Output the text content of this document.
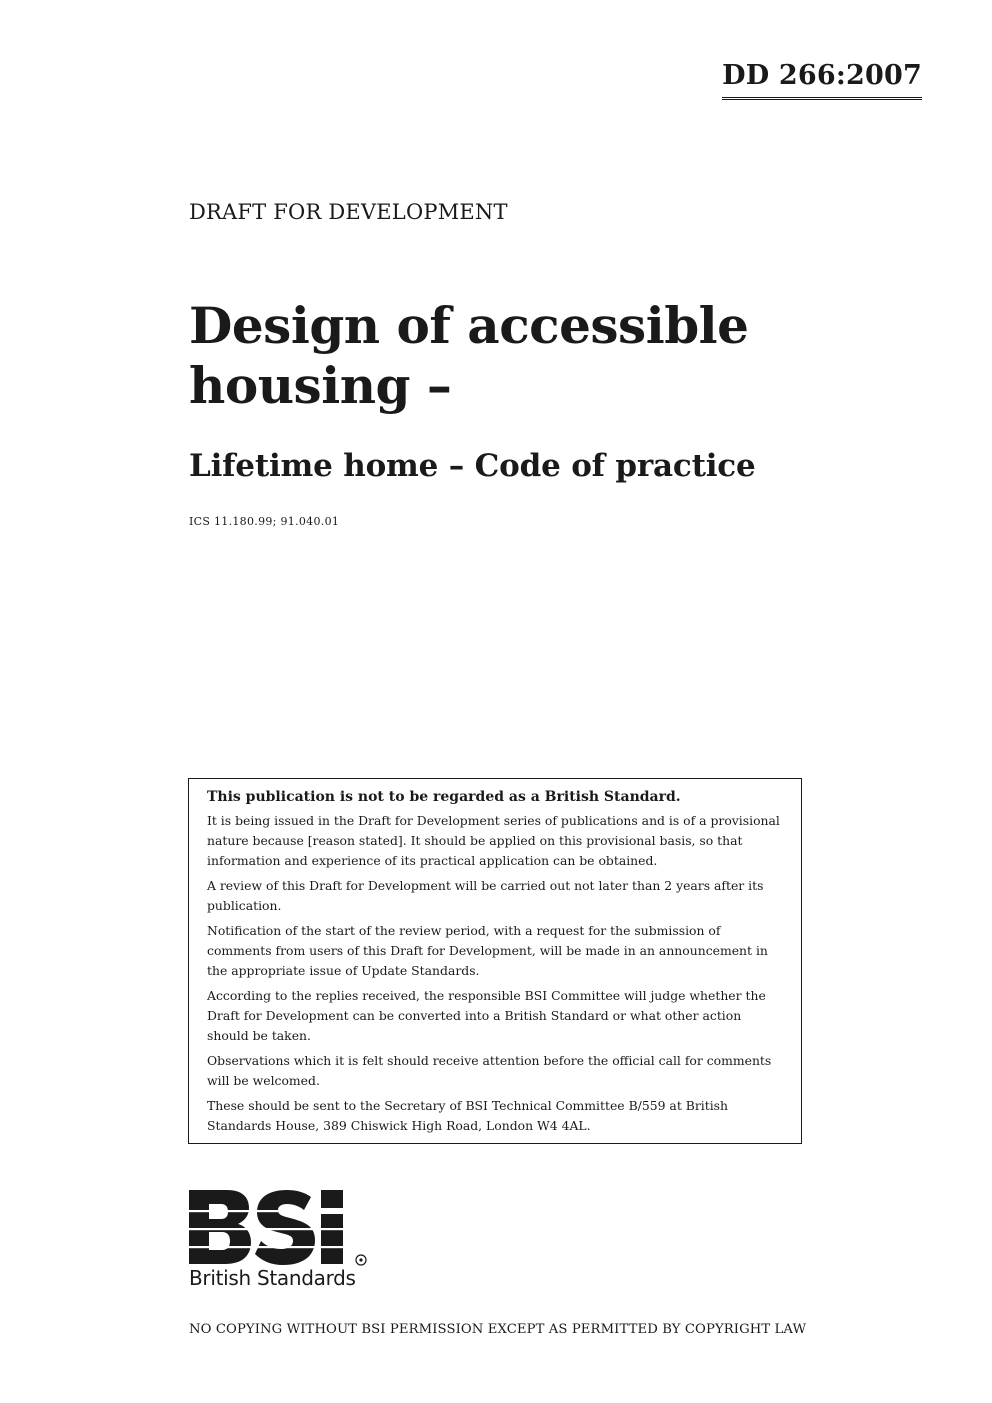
DD 266:2007
DRAFT FOR DEVELOPMENT
Design of accessible
housing –
Lifetime home – Code of practice
ICS 11.180.99; 91.040.01

This publication is not to be regarded as a British Standard.

It is being issued in the Draft for Development series of publications and is of a provisional nature because [reason stated]. It should be applied on this provisional basis, so that information and experience of its practical application can be obtained.

A review of this Draft for Development will be carried out not later than 2 years after its publication.

Notification of the start of the review period, with a request for the submission of comments from users of this Draft for Development, will be made in an announcement in the appropriate issue of Update Standards.

According to the replies received, the responsible BSI Committee will judge whether the Draft for Development can be converted into a British Standard or what other action should be taken.

Observations which it is felt should receive attention before the official call for comments will be welcomed.

These should be sent to the Secretary of BSI Technical Committee B/559 at British Standards House, 389 Chiswick High Road, London W4 4AL.

British Standards
NO COPYING WITHOUT BSI PERMISSION EXCEPT AS PERMITTED BY COPYRIGHT LAW
